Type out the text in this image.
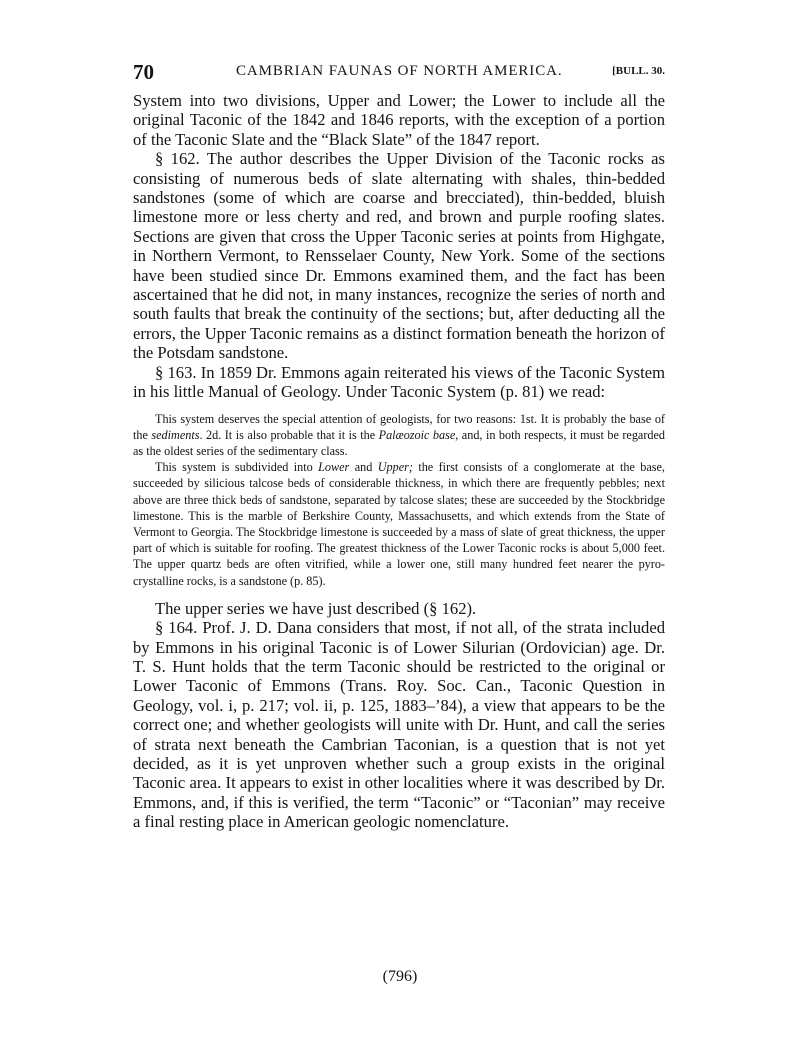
70	CAMBRIAN FAUNAS OF NORTH AMERICA.	[BULL. 30.

System into two divisions, Upper and Lower; the Lower to include all the original Taconic of the 1842 and 1846 reports, with the exception of a portion of the Taconic Slate and the “Black Slate” of the 1847 report.

§ 162. The author describes the Upper Division of the Taconic rocks as consisting of numerous beds of slate alternating with shales, thin-bedded sandstones (some of which are coarse and brecciated), thin-bedded, bluish limestone more or less cherty and red, and brown and purple roofing slates. Sections are given that cross the Upper Taconic series at points from Highgate, in Northern Vermont, to Rensselaer County, New York. Some of the sections have been studied since Dr. Emmons examined them, and the fact has been ascertained that he did not, in many instances, recognize the series of north and south faults that break the continuity of the sections; but, after deducting all the errors, the Upper Taconic remains as a distinct formation beneath the horizon of the Potsdam sandstone.

§ 163. In 1859 Dr. Emmons again reiterated his views of the Taconic System in his little Manual of Geology. Under Taconic System (p. 81) we read:

This system deserves the special attention of geologists, for two reasons: 1st. It is probably the base of the sediments. 2d. It is also probable that it is the Palæozoic base, and, in both respects, it must be regarded as the oldest series of the sedimentary class.

This system is subdivided into Lower and Upper; the first consists of a conglomerate at the base, succeeded by silicious talcose beds of considerable thickness, in which there are frequently pebbles; next above are three thick beds of sandstone, separated by talcose slates; these are succeeded by the Stockbridge limestone. This is the marble of Berkshire County, Massachusetts, and which extends from the State of Vermont to Georgia. The Stockbridge limestone is succeeded by a mass of slate of great thickness, the upper part of which is suitable for roofing. The greatest thickness of the Lower Taconic rocks is about 5,000 feet. The upper quartz beds are often vitrified, while a lower one, still many hundred feet nearer the pyro-crystalline rocks, is a sandstone (p. 85).

The upper series we have just described (§ 162).

§ 164. Prof. J. D. Dana considers that most, if not all, of the strata included by Emmons in his original Taconic is of Lower Silurian (Ordovician) age. Dr. T. S. Hunt holds that the term Taconic should be restricted to the original or Lower Taconic of Emmons (Trans. Roy. Soc. Can., Taconic Question in Geology, vol. i, p. 217; vol. ii, p. 125, 1883–’84), a view that appears to be the correct one; and whether geologists will unite with Dr. Hunt, and call the series of strata next beneath the Cambrian Taconian, is a question that is not yet decided, as it is yet unproven whether such a group exists in the original Taconic area. It appears to exist in other localities where it was described by Dr. Emmons, and, if this is verified, the term “Taconic” or “Taconian” may receive a final resting place in American geologic nomenclature.

(796)
